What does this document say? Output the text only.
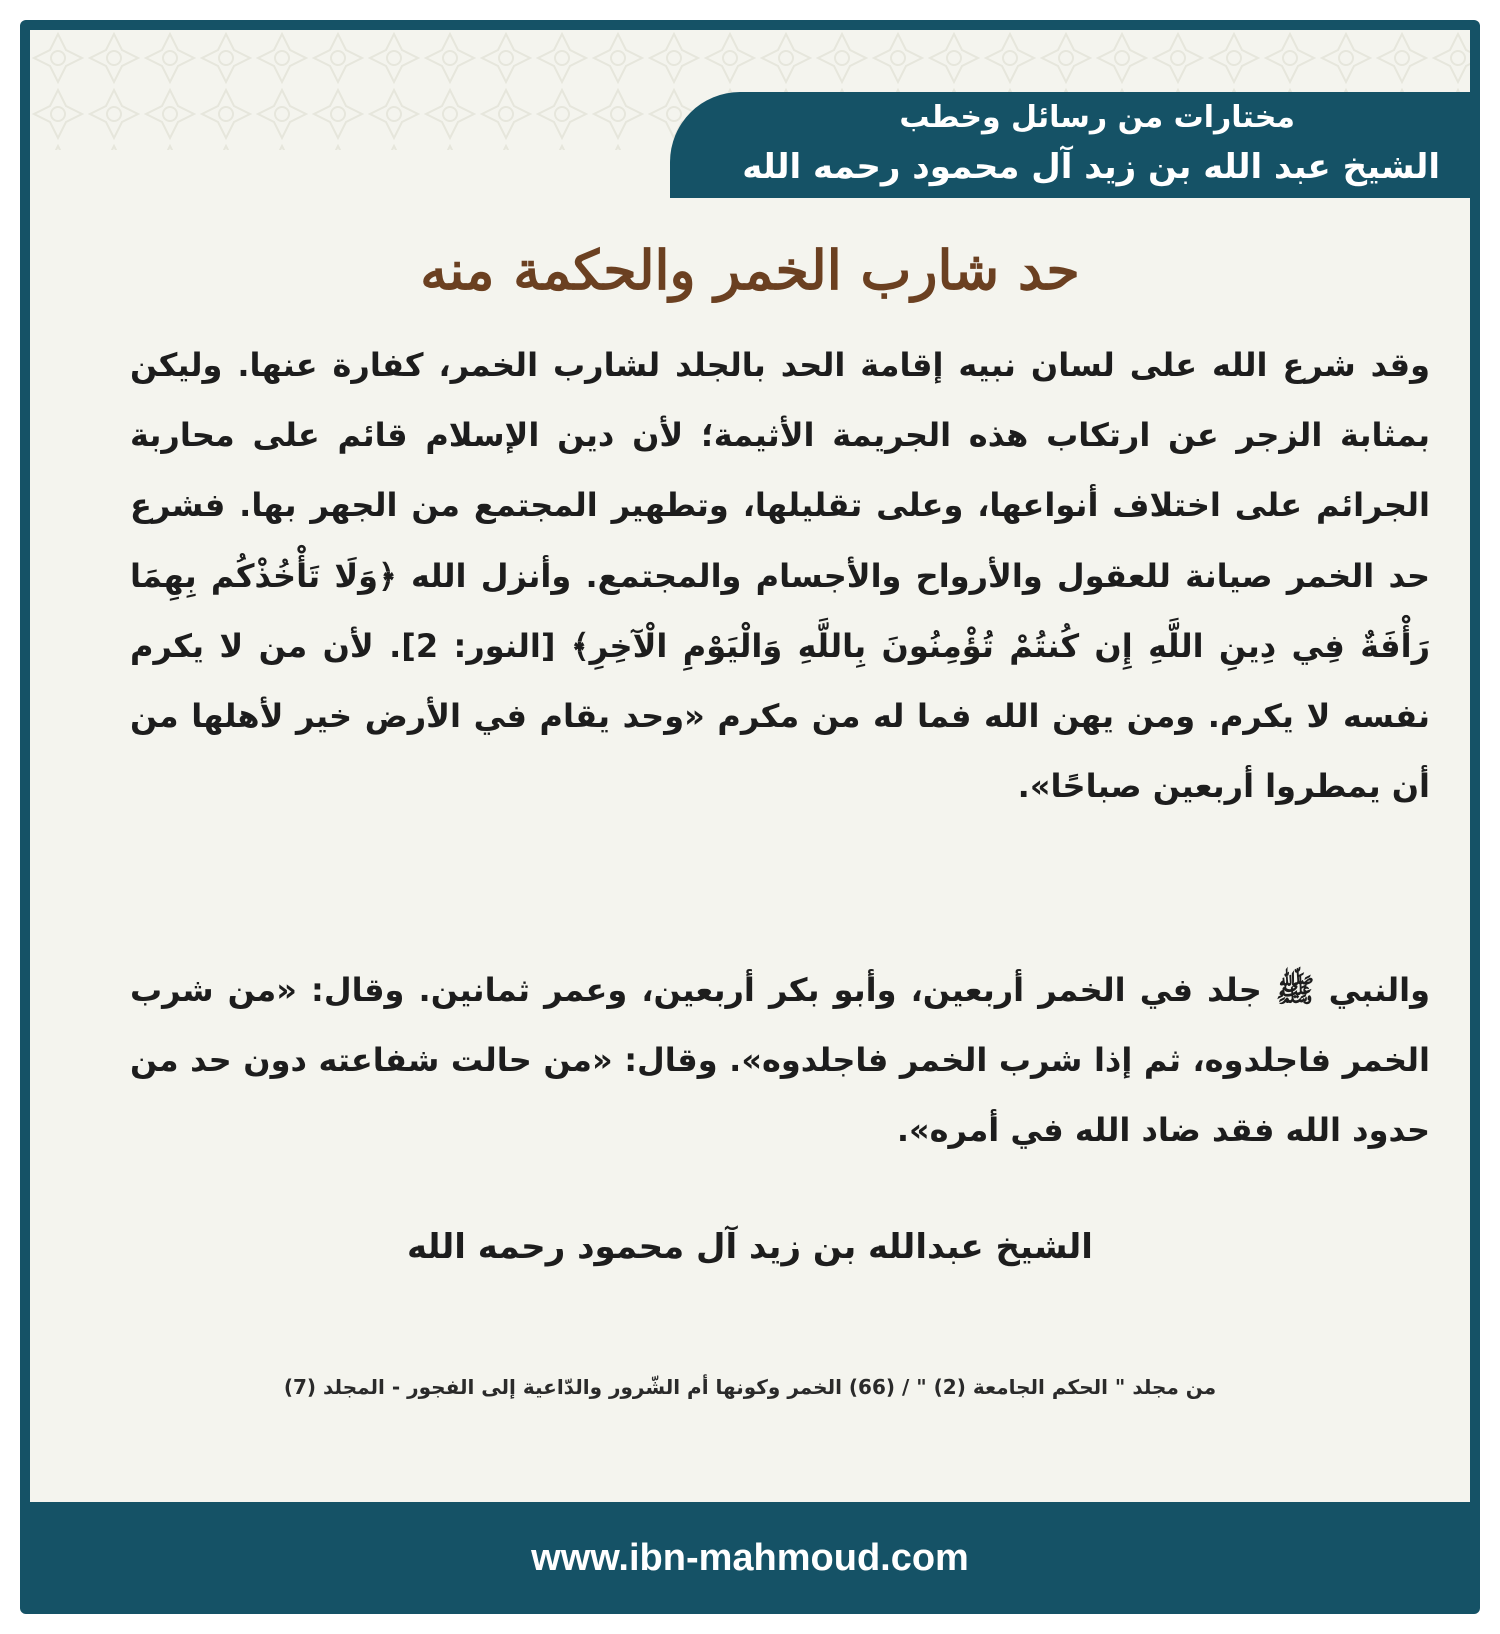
مختارات من رسائل وخطب
الشيخ عبد الله بن زيد آل محمود رحمه الله
حد شارب الخمر والحكمة منه
وقد شرع الله على لسان نبيه إقامة الحد بالجلد لشارب الخمر، كفارة عنها. وليكن بمثابة الزجر عن ارتكاب هذه الجريمة الأثيمة؛ لأن دين الإسلام قائم على محاربة الجرائم على اختلاف أنواعها، وعلى تقليلها، وتطهير المجتمع من الجهر بها. فشرع حد الخمر صيانة للعقول والأرواح والأجسام والمجتمع. وأنزل الله ﴿وَلَا تَأْخُذْكُم بِهِمَا رَأْفَةٌ فِي دِينِ اللَّهِ إِن كُنتُمْ تُؤْمِنُونَ بِاللَّهِ وَالْيَوْمِ الْآخِرِ﴾ [النور: 2]. لأن من لا يكرم نفسه لا يكرم. ومن يهن الله فما له من مكرم «وحد يقام في الأرض خير لأهلها من أن يمطروا أربعين صباحًا».
والنبي ﷺ جلد في الخمر أربعين، وأبو بكر أربعين، وعمر ثمانين. وقال: «من شرب الخمر فاجلدوه، ثم إذا شرب الخمر فاجلدوه». وقال: «من حالت شفاعته دون حد من حدود الله فقد ضاد الله في أمره».
الشيخ عبدالله بن زيد آل محمود رحمه الله
من مجلد " الحكم الجامعة (2) " / (66) الخمر وكونها أم الشّرور والدّاعية إلى الفجور - المجلد (7)
www.ibn-mahmoud.com
